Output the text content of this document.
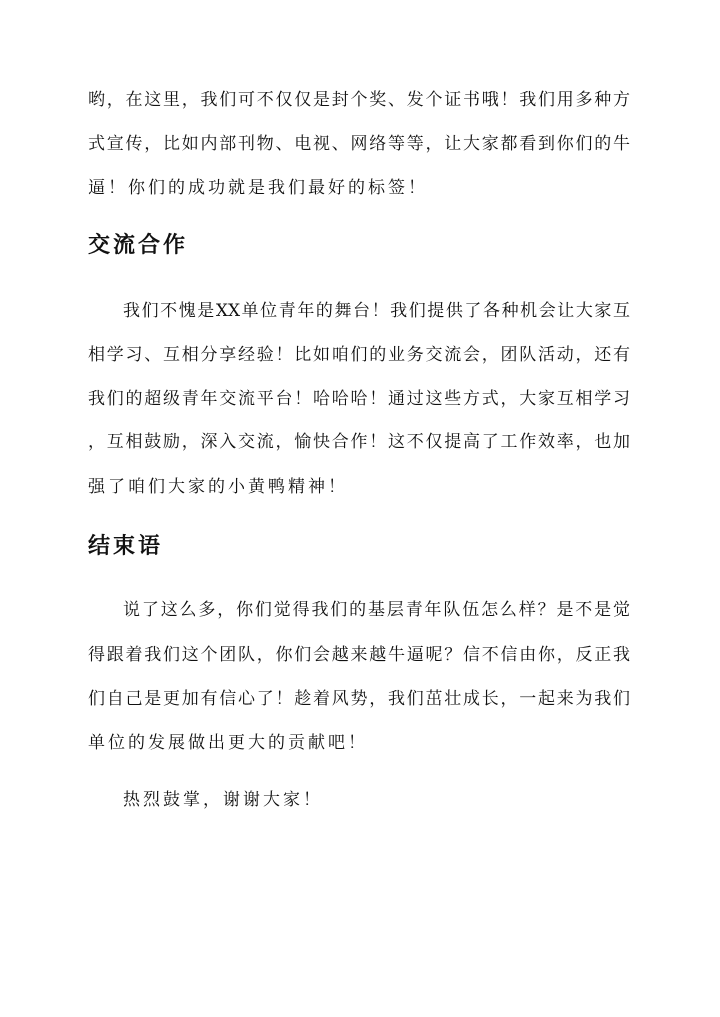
哟，在这里，我们可不仅仅是封个奖、发个证书哦！我们用多种方
式宣传，比如内部刊物、电视、网络等等，让大家都看到你们的牛
逼！你们的成功就是我们最好的标签！
交流合作
我们不愧是XX单位青年的舞台！我们提供了各种机会让大家互
相学习、互相分享经验！比如咱们的业务交流会，团队活动，还有
我们的超级青年交流平台！哈哈哈！通过这些方式，大家互相学习
，互相鼓励，深入交流，愉快合作！这不仅提高了工作效率，也加
强了咱们大家的小黄鸭精神！
结束语
说了这么多，你们觉得我们的基层青年队伍怎么样？是不是觉
得跟着我们这个团队，你们会越来越牛逼呢？信不信由你，反正我
们自己是更加有信心了！趁着风势，我们茁壮成长，一起来为我们
单位的发展做出更大的贡献吧！
热烈鼓掌，谢谢大家！
